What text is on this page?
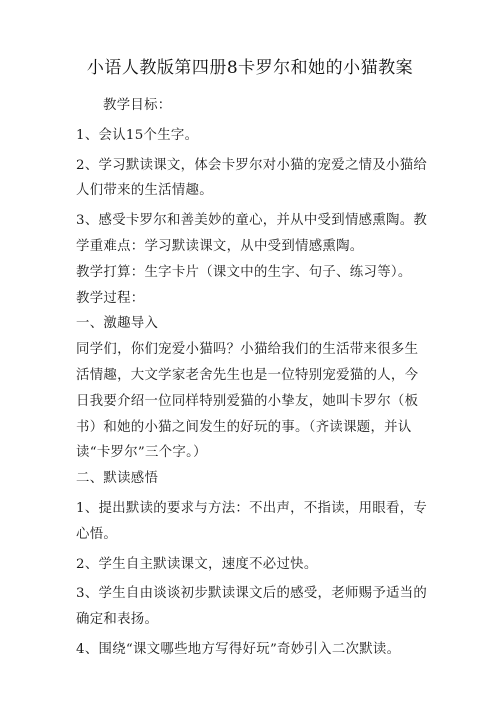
小语人教版第四册8卡罗尔和她的小猫教案

教学目标：

1、会认15个生字。

2、学习默读课文，体会卡罗尔对小猫的宠爱之情及小猫给人们带来的生活情趣。

3、感受卡罗尔和善美妙的童心，并从中受到情感熏陶。教学重难点：学习默读课文，从中受到情感熏陶。

教学打算：生字卡片（课文中的生字、句子、练习等）。

教学过程：

一、激趣导入

同学们，你们宠爱小猫吗？小猫给我们的生活带来很多生活情趣，大文学家老舍先生也是一位特别宠爱猫的人，今日我要介绍一位同样特别爱猫的小挚友，她叫卡罗尔（板书）和她的小猫之间发生的好玩的事。（齐读课题，并认读“卡罗尔”三个字。）

二、默读感悟

1、提出默读的要求与方法：不出声，不指读，用眼看，专心悟。

2、学生自主默读课文，速度不必过快。

3、学生自由谈谈初步默读课文后的感受，老师赐予适当的确定和表扬。

4、围绕“课文哪些地方写得好玩”奇妙引入二次默读。
